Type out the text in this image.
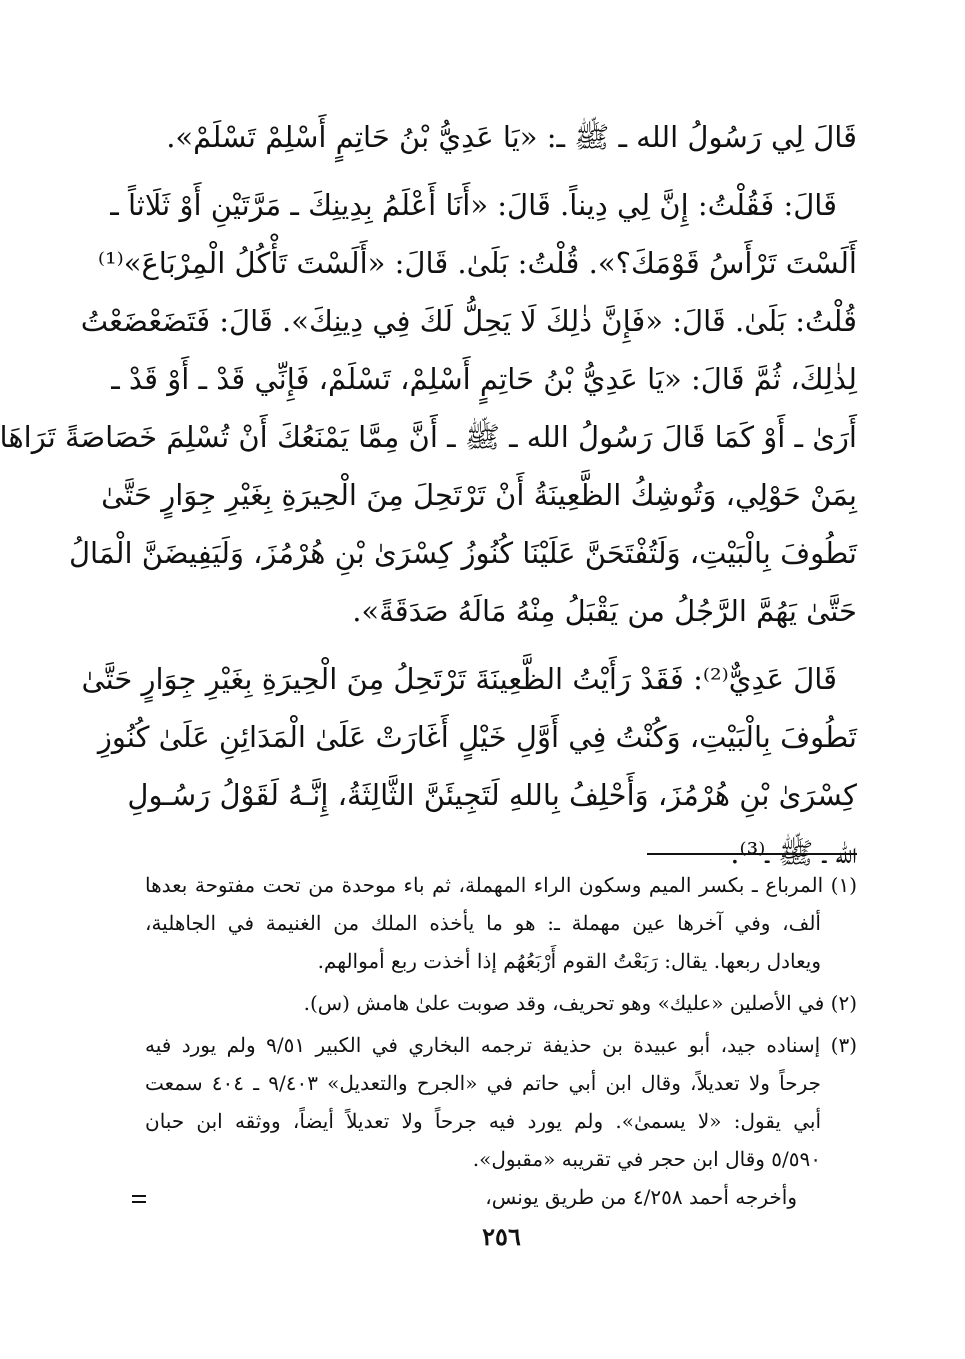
قَالَ لِي رَسُولُ الله ـ ﷺ ـ: «يَا عَدِيُّ بْنُ حَاتِمٍ أَسْلِمْ تَسْلَمْ».
قَالَ: فَقُلْتُ: إِنَّ لِي دِيناً. قَالَ: «أَنَا أَعْلَمُ بِدِينِكَ ـ مَرَّتَيْنِ أَوْ ثَلَاثاً ـ
أَلَسْتَ تَرْأَسُ قَوْمَكَ؟». قُلْتُ: بَلَىٰ. قَالَ: «أَلَسْتَ تَأْكُلُ الْمِرْبَاعَ»⁽¹⁾
قُلْتُ: بَلَىٰ. قَالَ: «فَإِنَّ ذٰلِكَ لَا يَحِلُّ لَكَ فِي دِينِكَ». قَالَ: فَتَضَعْضَعْتُ
لِذٰلِكَ، ثُمَّ قَالَ: «يَا عَدِيُّ بْنُ حَاتِمٍ أَسْلِمْ، تَسْلَمْ، فَإِنِّي قَدْ ـ أَوْ قَدْ ـ
أَرَىٰ ـ أَوْ كَمَا قَالَ رَسُولُ الله ـ ﷺ ـ أَنَّ مِمَّا يَمْنَعُكَ أَنْ تُسْلِمَ خَصَاصَةً تَرَاهَا
بِمَنْ حَوْلِي، وَتُوشِكُ الظَّعِينَةُ أَنْ تَرْتَحِلَ مِنَ الْحِيرَةِ بِغَيْرِ جِوَارٍ حَتَّىٰ
تَطُوفَ بِالْبَيْتِ، وَلَتُفْتَحَنَّ عَلَيْنَا كُنُوزُ كِسْرَىٰ بْنِ هُرْمُزَ، وَلَيَفِيضَنَّ الْمَالُ
حَتَّىٰ يَهُمَّ الرَّجُلُ من يَقْبَلُ مِنْهُ مَالَهُ صَدَقَةً».
قَالَ عَدِيٌّ⁽²⁾: فَقَدْ رَأَيْتُ الظَّعِينَةَ تَرْتَحِلُ مِنَ الْحِيرَةِ بِغَيْرِ جِوَارٍ حَتَّىٰ
تَطُوفَ بِالْبَيْتِ، وَكُنْتُ فِي أَوَّلِ خَيْلٍ أَغَارَتْ عَلَىٰ الْمَدَائِنِ عَلَىٰ كُنُوزِ
كِسْرَىٰ بْنِ هُرْمُزَ، وَأَحْلِفُ بِاللهِ لَتَجِيئَنَّ الثَّالِثَةُ، إِنَّـهُ لَقَوْلُ رَسُـولِ
الله ـ ﷺ ـ⁽³⁾.
(١) المرباع ـ بكسر الميم وسكون الراء المهملة، ثم باء موحدة من تحت مفتوحة بعدها
ألف، وفي آخرها عين مهملة ـ: هو ما يأخذه الملك من الغنيمة في الجاهلية،
ويعادل ربعها. يقال: رَبَعْتُ القوم أَرْبَعُهُم إذا أخذت ربع أموالهم.
(٢) في الأصلين «عليك» وهو تحريف، وقد صوبت علىٰ هامش (س).
(٣) إسناده جيد، أبو عبيدة بن حذيفة ترجمه البخاري في الكبير ٩/٥١ ولم يورد فيه
جرحاً ولا تعديلاً، وقال ابن أبي حاتم في «الجرح والتعديل» ٩/٤٠٣ ـ ٤٠٤ سمعت
أبي يقول: «لا يسمىٰ». ولم يورد فيه جرحاً ولا تعديلاً أيضاً، ووثقه ابن حبان
٥/٥٩٠ وقال ابن حجر في تقريبه «مقبول».
وأخرجه أحمد ٤/٢٥٨ من طريق يونس،
٢٥٦
